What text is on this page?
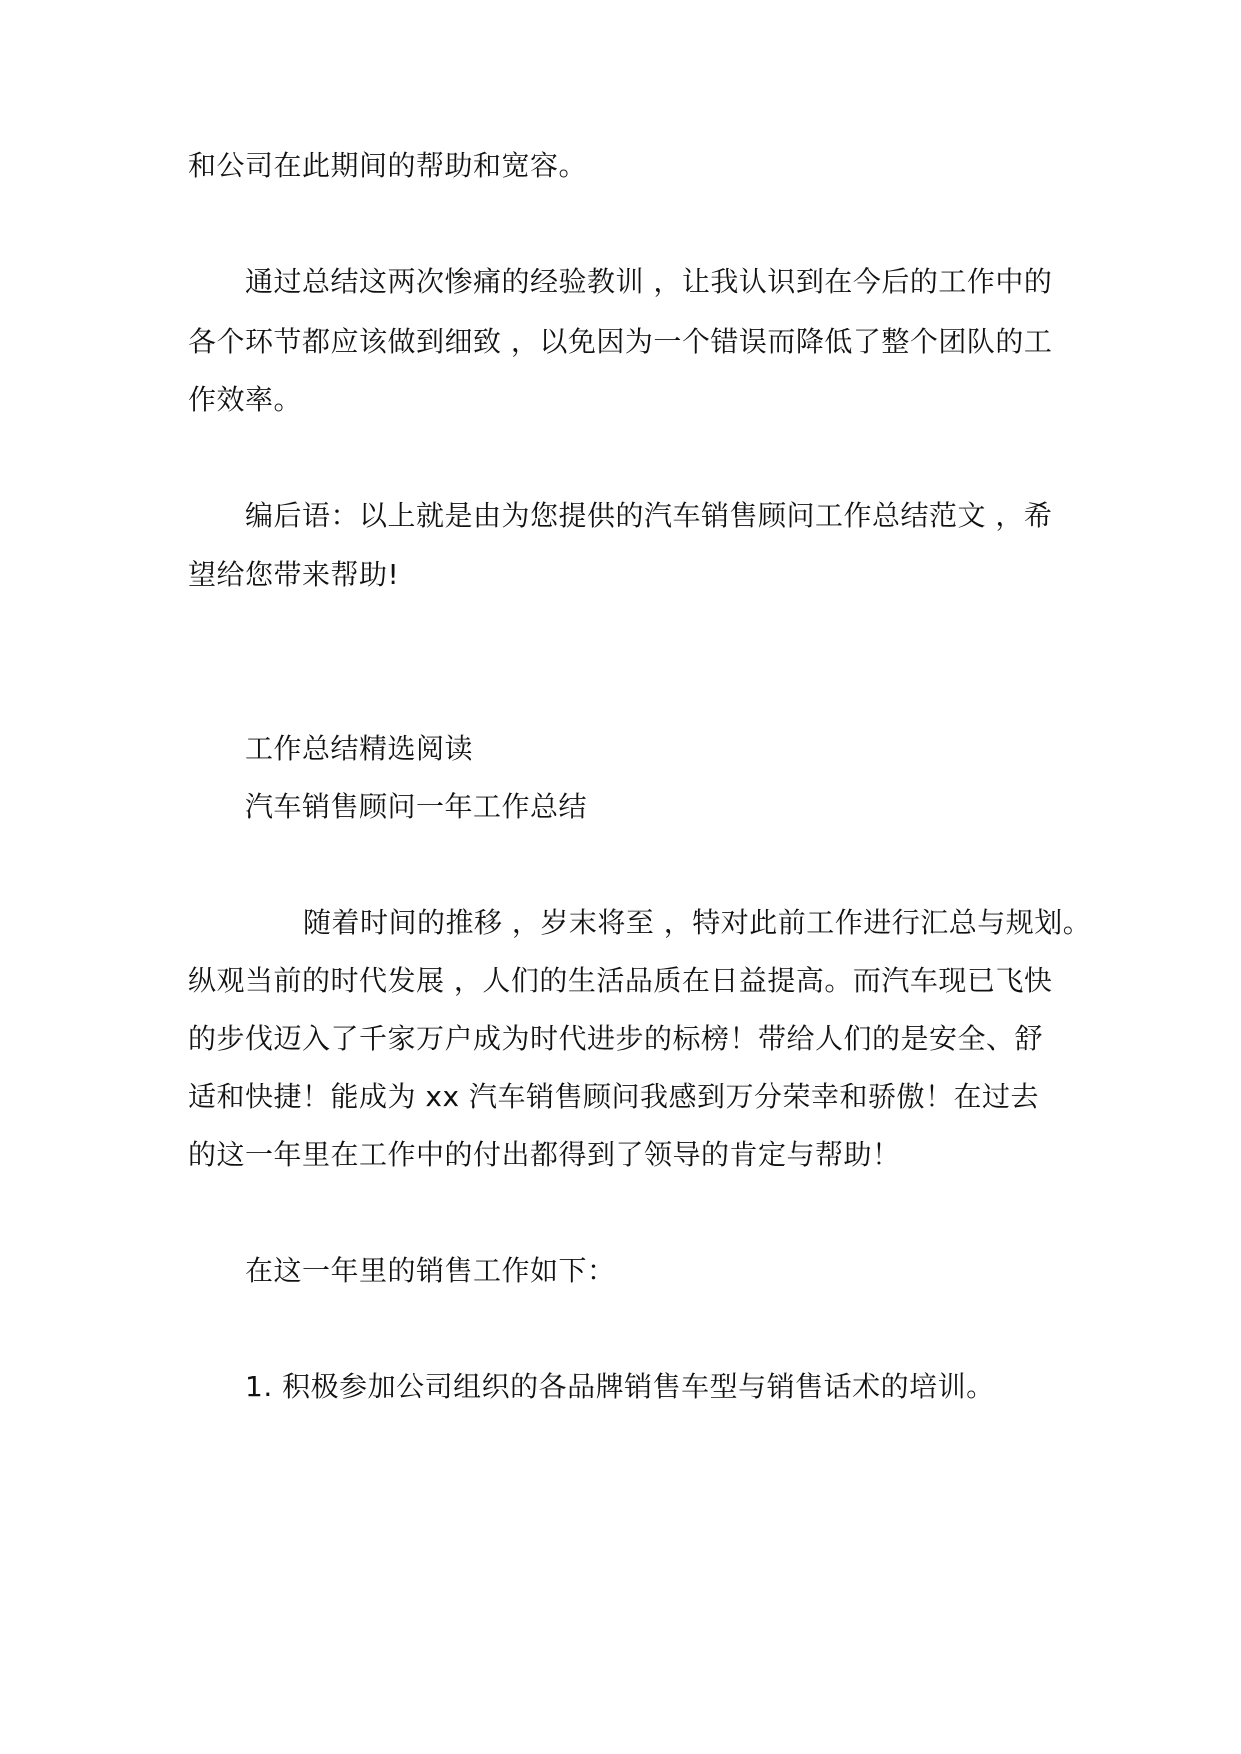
和公司在此期间的帮助和宽容。
通过总结这两次惨痛的经验教训 ，让我认识到在今后的工作中的
各个环节都应该做到细致 ，以免因为一个错误而降低了整个团队的工
作效率。
编后语：以上就是由为您提供的汽车销售顾问工作总结范文 ，希
望给您带来帮助!
工作总结精选阅读
汽车销售顾问一年工作总结
随着时间的推移 ，岁末将至 ，特对此前工作进行汇总与规划。
纵观当前的时代发展 ，人们的生活品质在日益提高。而汽车现已飞快
的步伐迈入了千家万户成为时代进步的标榜！带给人们的是安全、舒
适和快捷！能成为 xx 汽车销售顾问我感到万分荣幸和骄傲！在过去
的这一年里在工作中的付出都得到了领导的肯定与帮助！
在这一年里的销售工作如下：
1. 积极参加公司组织的各品牌销售车型与销售话术的培训。
